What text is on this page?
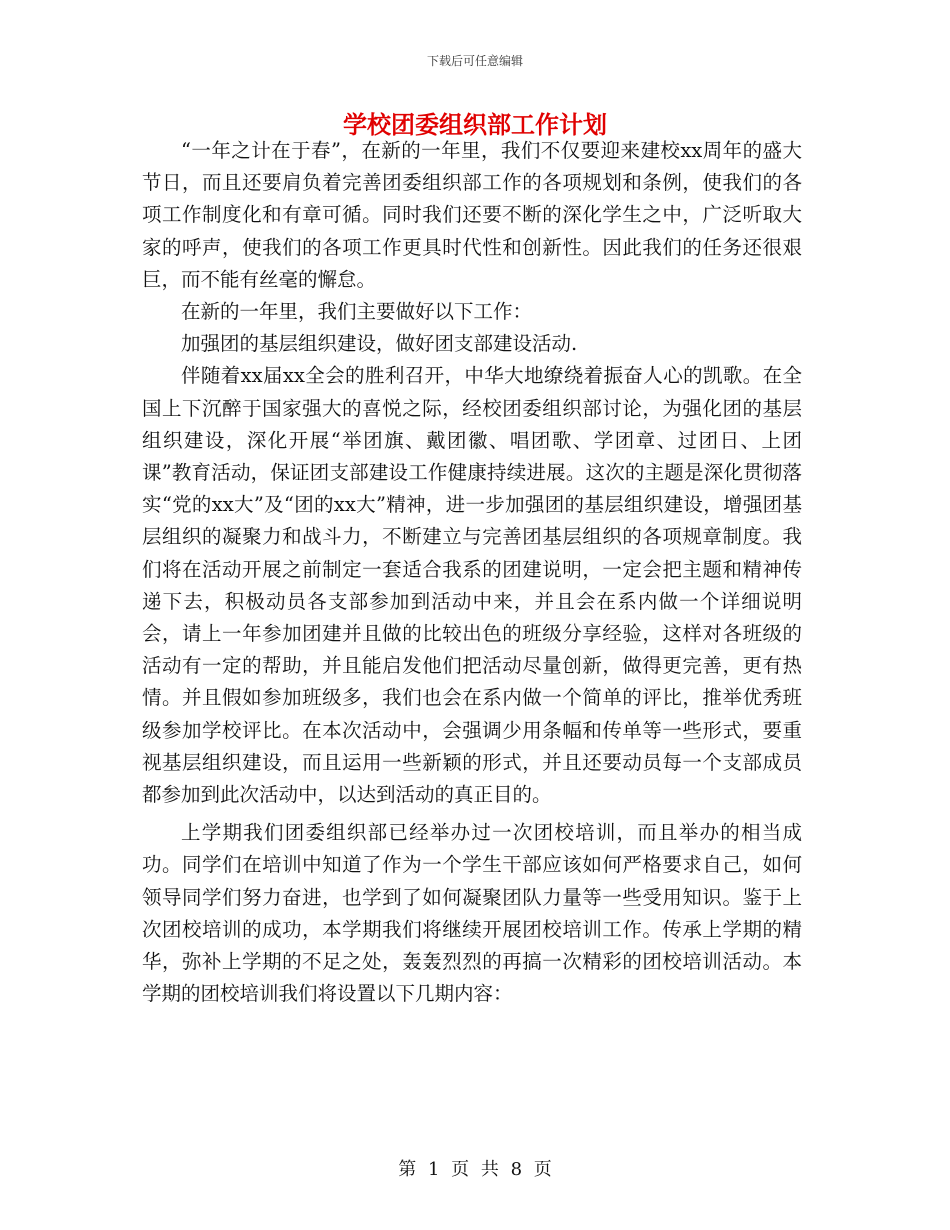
下载后可任意编辑
学校团委组织部工作计划

“一年之计在于春”，在新的一年里，我们不仅要迎来建校xx周年的盛大节日，而且还要肩负着完善团委组织部工作的各项规划和条例，使我们的各项工作制度化和有章可循。同时我们还要不断的深化学生之中，广泛听取大家的呼声，使我们的各项工作更具时代性和创新性。因此我们的任务还很艰巨，而不能有丝毫的懈怠。

在新的一年里，我们主要做好以下工作：

加强团的基层组织建设，做好团支部建设活动.

伴随着xx届xx全会的胜利召开，中华大地缭绕着振奋人心的凯歌。在全国上下沉醉于国家强大的喜悦之际，经校团委组织部讨论，为强化团的基层组织建设，深化开展“举团旗、戴团徽、唱团歌、学团章、过团日、上团课”教育活动，保证团支部建设工作健康持续进展。这次的主题是深化贯彻落实“党的xx大”及“团的xx大”精神，进一步加强团的基层组织建设，增强团基层组织的凝聚力和战斗力，不断建立与完善团基层组织的各项规章制度。我们将在活动开展之前制定一套适合我系的团建说明，一定会把主题和精神传递下去，积极动员各支部参加到活动中来，并且会在系内做一个详细说明会，请上一年参加团建并且做的比较出色的班级分享经验，这样对各班级的活动有一定的帮助，并且能启发他们把活动尽量创新，做得更完善，更有热情。并且假如参加班级多，我们也会在系内做一个简单的评比，推举优秀班级参加学校评比。在本次活动中，会强调少用条幅和传单等一些形式，要重视基层组织建设，而且运用一些新颖的形式，并且还要动员每一个支部成员都参加到此次活动中，以达到活动的真正目的。

上学期我们团委组织部已经举办过一次团校培训，而且举办的相当成功。同学们在培训中知道了作为一个学生干部应该如何严格要求自己，如何领导同学们努力奋进，也学到了如何凝聚团队力量等一些受用知识。鉴于上次团校培训的成功，本学期我们将继续开展团校培训工作。传承上学期的精华，弥补上学期的不足之处，轰轰烈烈的再搞一次精彩的团校培训活动。本学期的团校培训我们将设置以下几期内容：

第 1 页 共 8 页
